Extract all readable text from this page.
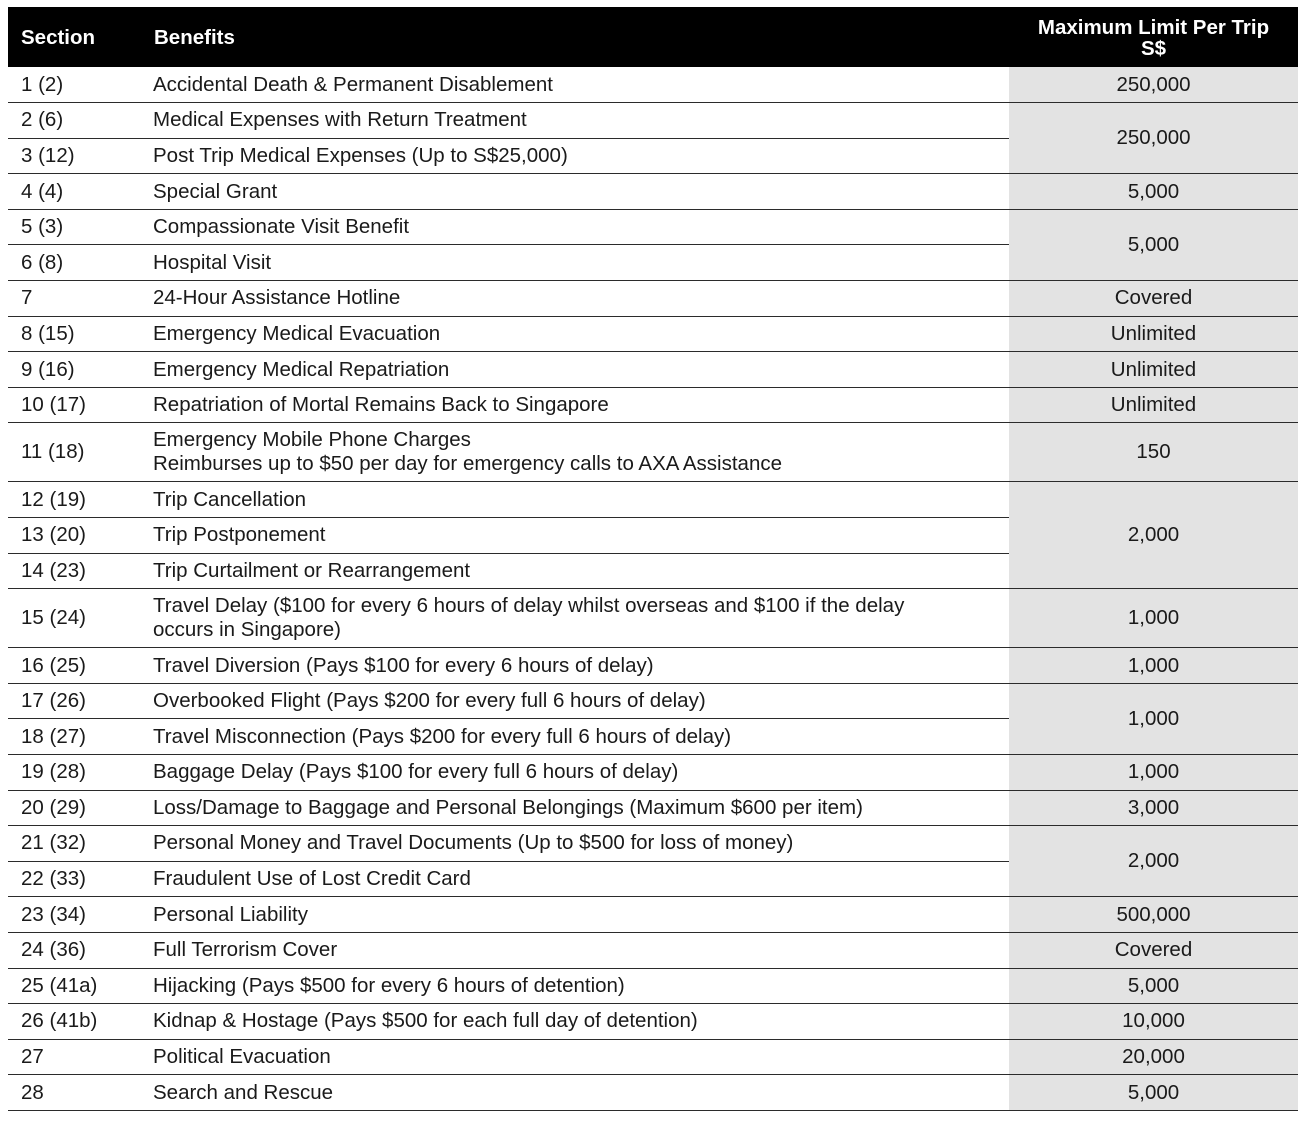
Section	Benefits	Maximum Limit Per Trip
S$

1 (2)	Accidental Death & Permanent Disablement	250,000
2 (6)	Medical Expenses with Return Treatment	250,000
3 (12)	Post Trip Medical Expenses (Up to S$25,000)	
4 (4)	Special Grant	5,000
5 (3)	Compassionate Visit Benefit	5,000
6 (8)	Hospital Visit	
7	24-Hour Assistance Hotline	Covered
8 (15)	Emergency Medical Evacuation	Unlimited
9 (16)	Emergency Medical Repatriation	Unlimited
10 (17)	Repatriation of Mortal Remains Back to Singapore	Unlimited
11 (18)	Emergency Mobile Phone Charges
Reimburses up to $50 per day for emergency calls to AXA Assistance	150
12 (19)	Trip Cancellation	2,000
13 (20)	Trip Postponement	
14 (23)	Trip Curtailment or Rearrangement	
15 (24)	Travel Delay ($100 for every 6 hours of delay whilst overseas and $100 if the delay
occurs in Singapore)	1,000
16 (25)	Travel Diversion (Pays $100 for every 6 hours of delay)	1,000
17 (26)	Overbooked Flight (Pays $200 for every full 6 hours of delay)	1,000
18 (27)	Travel Misconnection (Pays $200 for every full 6 hours of delay)	
19 (28)	Baggage Delay (Pays $100 for every full 6 hours of delay)	1,000
20 (29)	Loss/Damage to Baggage and Personal Belongings (Maximum $600 per item)	3,000
21 (32)	Personal Money and Travel Documents (Up to $500 for loss of money)	2,000
22 (33)	Fraudulent Use of Lost Credit Card	
23 (34)	Personal Liability	500,000
24 (36)	Full Terrorism Cover	Covered
25 (41a)	Hijacking (Pays $500 for every 6 hours of detention)	5,000
26 (41b)	Kidnap & Hostage (Pays $500 for each full day of detention)	10,000
27	Political Evacuation	20,000
28	Search and Rescue	5,000
